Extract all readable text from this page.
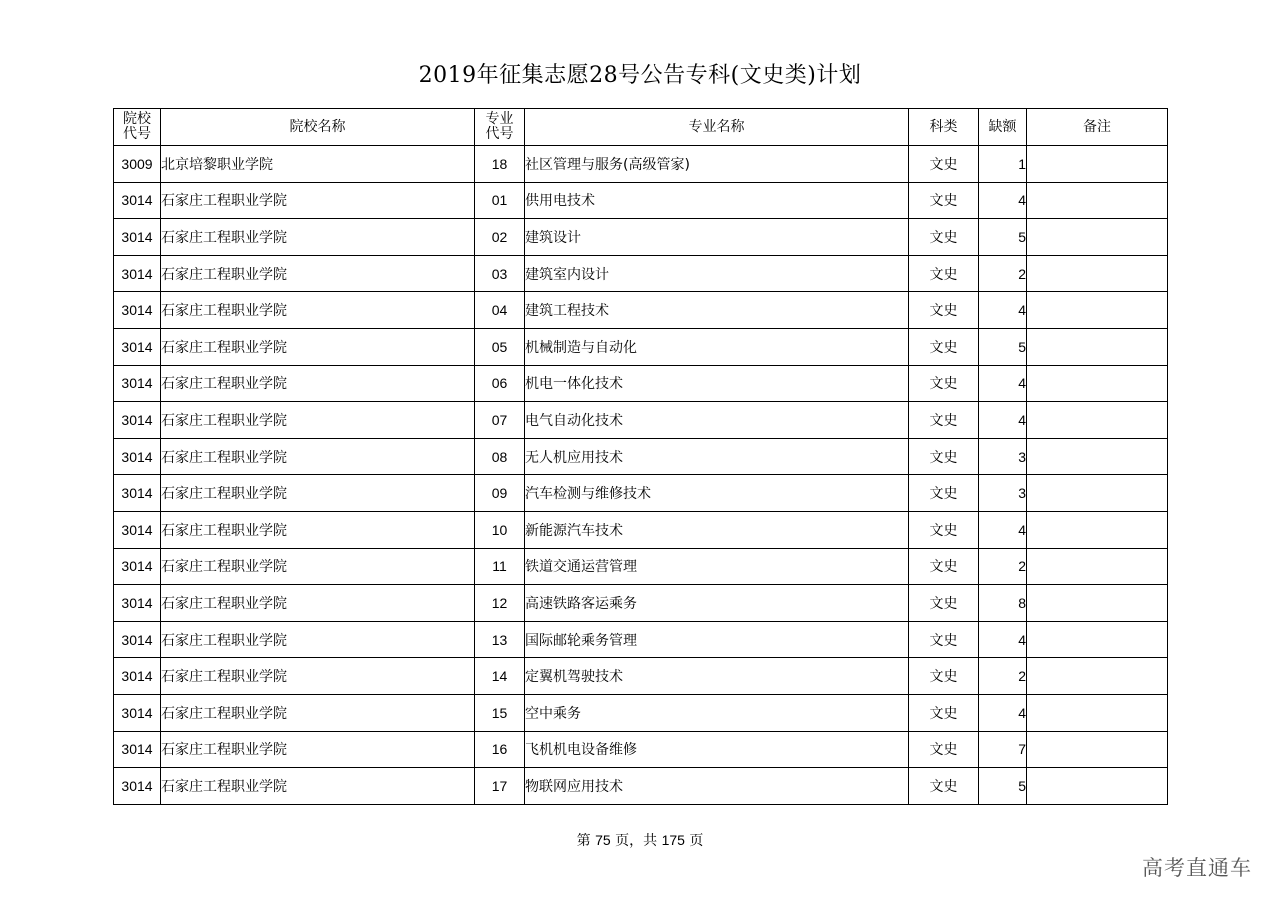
2019年征集志愿28号公告专科(文史类)计划
院校代号	院校名称	专业代号	专业名称	科类	缺额	备注
3009	北京培黎职业学院	18	社区管理与服务(高级管家)	文史	1	
3014	石家庄工程职业学院	01	供用电技术	文史	4	
3014	石家庄工程职业学院	02	建筑设计	文史	5	
3014	石家庄工程职业学院	03	建筑室内设计	文史	2	
3014	石家庄工程职业学院	04	建筑工程技术	文史	4	
3014	石家庄工程职业学院	05	机械制造与自动化	文史	5	
3014	石家庄工程职业学院	06	机电一体化技术	文史	4	
3014	石家庄工程职业学院	07	电气自动化技术	文史	4	
3014	石家庄工程职业学院	08	无人机应用技术	文史	3	
3014	石家庄工程职业学院	09	汽车检测与维修技术	文史	3	
3014	石家庄工程职业学院	10	新能源汽车技术	文史	4	
3014	石家庄工程职业学院	11	铁道交通运营管理	文史	2	
3014	石家庄工程职业学院	12	高速铁路客运乘务	文史	8	
3014	石家庄工程职业学院	13	国际邮轮乘务管理	文史	4	
3014	石家庄工程职业学院	14	定翼机驾驶技术	文史	2	
3014	石家庄工程职业学院	15	空中乘务	文史	4	
3014	石家庄工程职业学院	16	飞机机电设备维修	文史	7	
3014	石家庄工程职业学院	17	物联网应用技术	文史	5	
第 75 页，共 175 页
高考直通车
